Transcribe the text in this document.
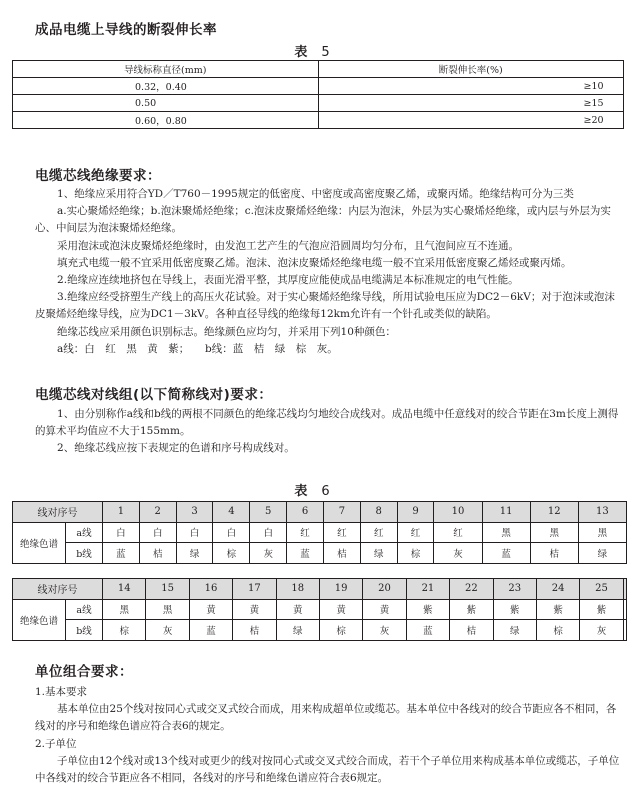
成品电缆上导线的断裂伸长率
表 5
导线标称直径(mm)	断裂伸长率(%)
0.32，0.40	≥10
0.50	≥15
0.60，0.80	≥20
电缆芯线绝缘要求：

1、绝缘应采用符合YD／T760－1995规定的低密度、中密度或高密度聚乙烯，或聚丙烯。绝缘结构可分为三类

a.实心聚烯烃绝缘；b.泡沫聚烯烃绝缘；c.泡沫皮聚烯烃绝缘：内层为泡沫，外层为实心聚烯烃绝缘，或内层与外层为实心、中间层为泡沫聚烯烃绝缘。

采用泡沫或泡沫皮聚烯烃绝缘时，由发泡工艺产生的气泡应沿圆周均匀分布，且气泡间应互不连通。

填充式电缆一般不宜采用低密度聚乙烯。泡沫、泡沫皮聚烯烃绝缘电缆一般不宜采用低密度聚乙烯烃或聚丙烯。

2.绝缘应连续地挤包在导线上，表面光滑平整，其厚度应能使成品电缆满足本标准规定的电气性能。

3.绝缘应经受挤塑生产线上的高压火花试验。对于实心聚烯烃绝缘导线，所用试验电压应为DC2－6kV；对于泡沫或泡沫皮聚烯烃绝缘导线，应为DC1－3kV。各种直径导线的绝缘每12km允许有一个针孔或类似的缺陷。

绝缘芯线应采用颜色识别标志。绝缘颜色应均匀，并采用下列10种颜色：

a线：白　红　黑　黄　紫；　　b线：蓝　桔　绿　棕　灰。

电缆芯线对线组(以下简称线对)要求：

1、由分别称作a线和b线的两根不同颜色的绝缘芯线均匀地绞合成线对。成品电缆中任意线对的绞合节距在3m长度上测得的算术平均值应不大于155mm。

2、绝缘芯线应按下表规定的色谱和序号构成线对。

表 6
线对序号		1	2	3	4	5	6	7	8	9	10	11	12	13
绝缘色谱	a线	白	白	白	白	白	红	红	红	红	红	黑	黑	黑
	b线	蓝	桔	绿	棕	灰	蓝	桔	绿	棕	灰	蓝	桔	绿
线对序号		14	15	16	17	18	19	20	21	22	23	24	25	
绝缘色谱	a线	黑	黑	黄	黄	黄	黄	黄	紫	紫	紫	紫	紫	
	b线	棕	灰	蓝	桔	绿	棕	灰	蓝	桔	绿	棕	灰	
单位组合要求：

1.基本要求

基本单位由25个线对按同心式或交叉式绞合而成，用来构成超单位或缆芯。基本单位中各线对的绞合节距应各不相同，各线对的序号和绝缘色谱应符合表6的规定。

2.子单位

子单位由12个线对或13个线对或更少的线对按同心式或交叉式绞合而成，若干个子单位用来构成基本单位或缆芯，子单位中各线对的绞合节距应各不相同，各线对的序号和绝缘色谱应符合表6规定。
